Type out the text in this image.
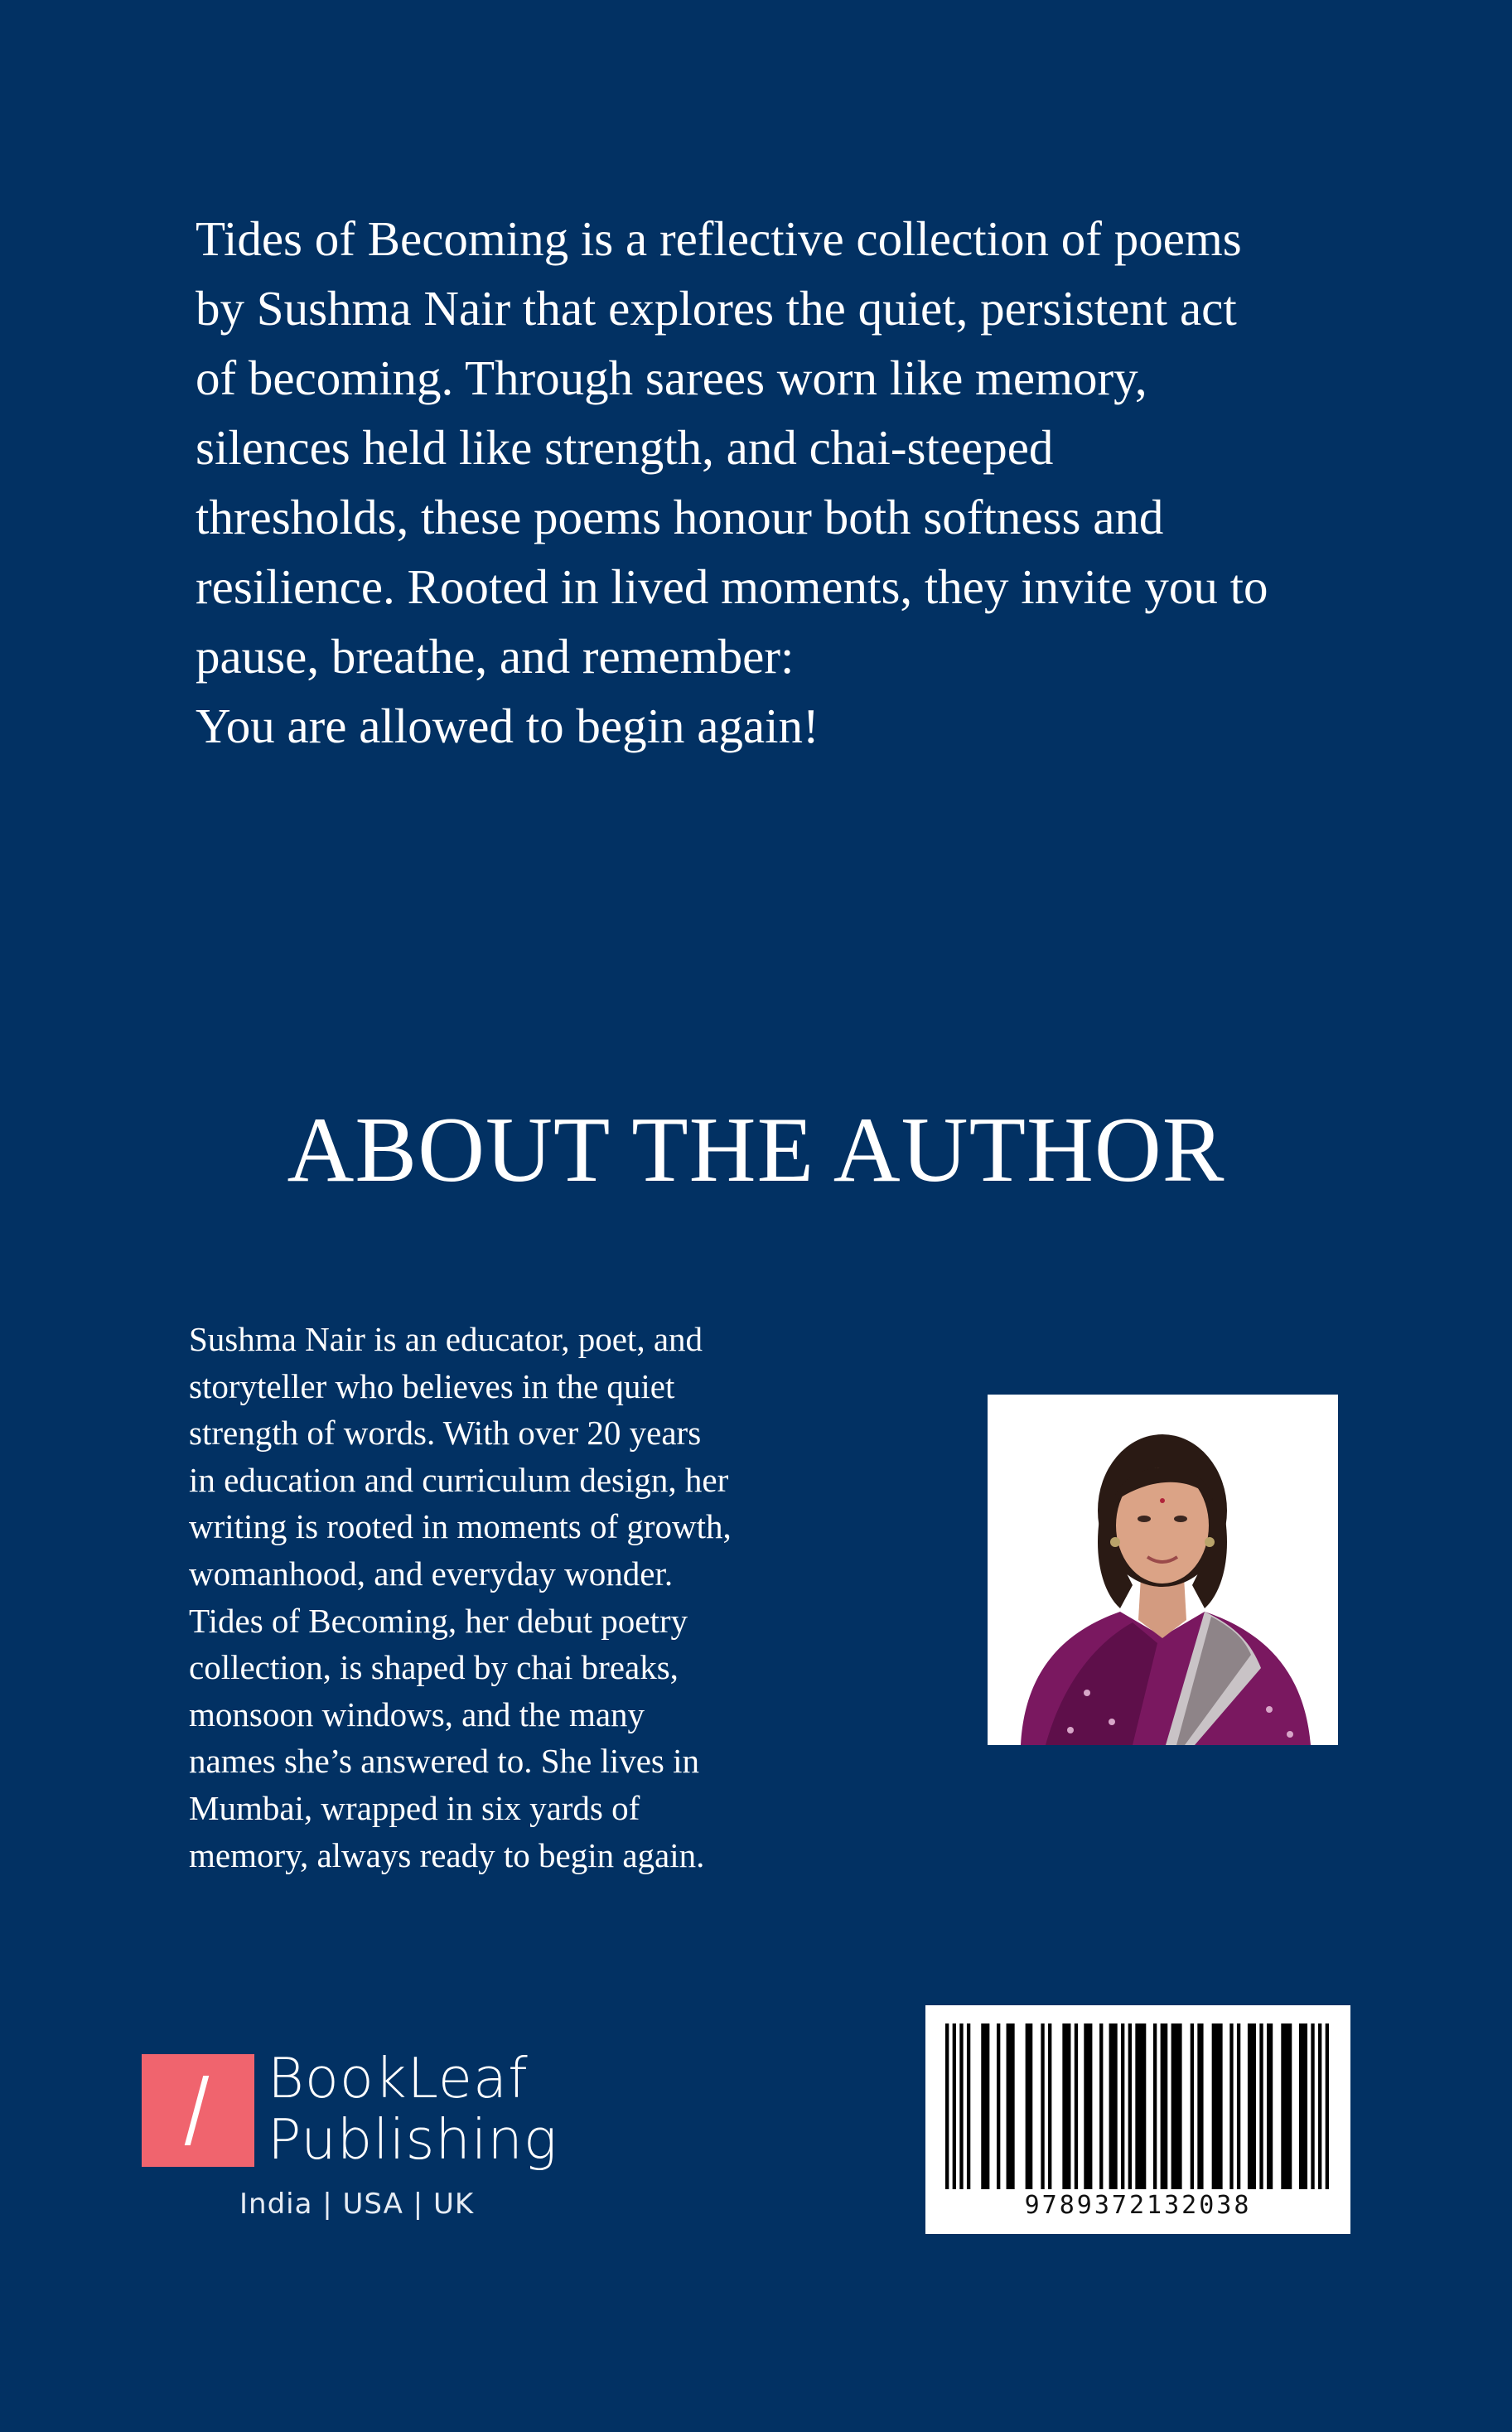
Tides of Becoming is a reflective collection of poems by Sushma Nair that explores the quiet, persistent act of becoming. Through sarees worn like memory, silences held like strength, and chai-steeped thresholds, these poems honour both softness and resilience. Rooted in lived moments, they invite you to pause, breathe, and remember:

You are allowed to begin again!

ABOUT THE AUTHOR

Sushma Nair is an educator, poet, and storyteller who believes in the quiet strength of words. With over 20 years in education and curriculum design, her writing is rooted in moments of growth, womanhood, and everyday wonder. Tides of Becoming, her debut poetry collection, is shaped by chai breaks, monsoon windows, and the many names she’s answered to. She lives in Mumbai, wrapped in six yards of memory, always ready to begin again.

BookLeaf
Publishing
India | USA | UK	9789372132038
